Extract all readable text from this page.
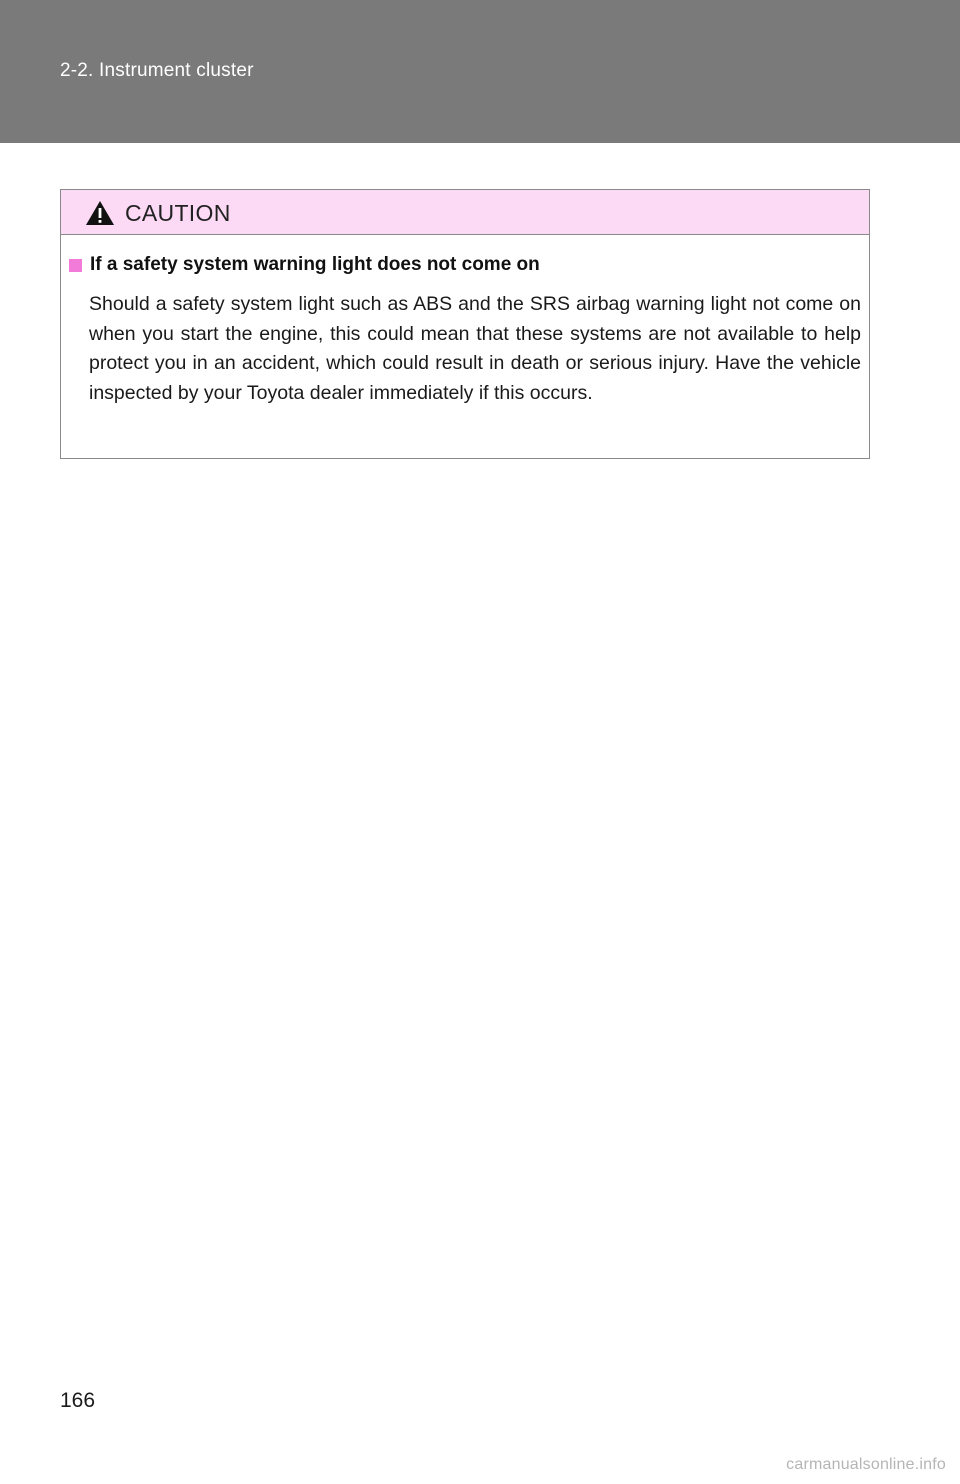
2-2. Instrument cluster
CAUTION
If a safety system warning light does not come on
Should a safety system light such as ABS and the SRS airbag warning light not come on when you start the engine, this could mean that these systems are not available to help protect you in an accident, which could result in death or serious injury. Have the vehicle inspected by your Toyota dealer immediately if this occurs.
166
carmanualsonline.info
